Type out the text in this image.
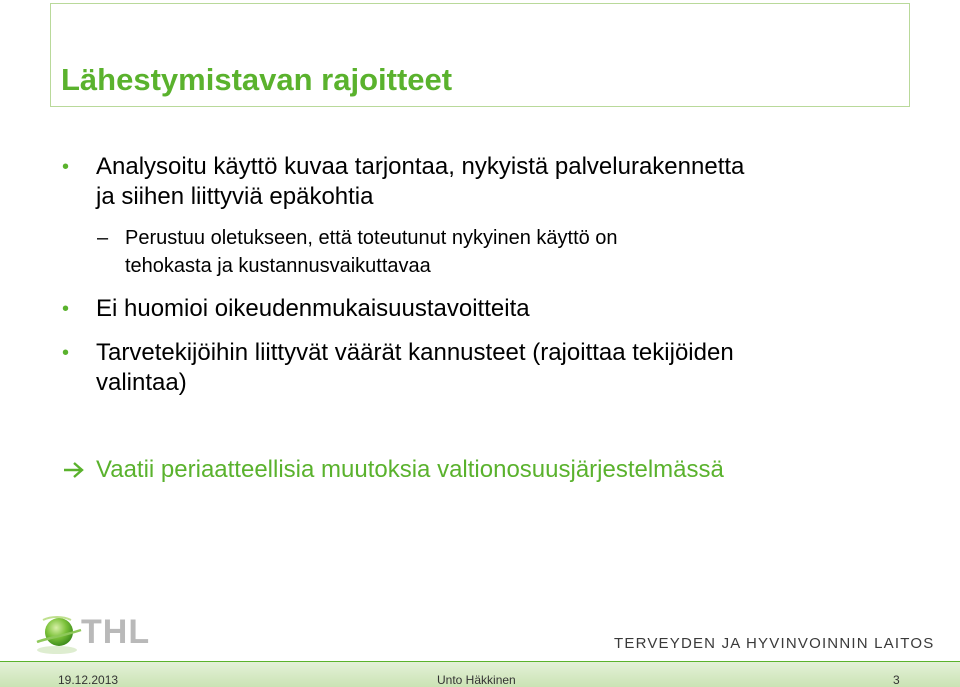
Lähestymistavan rajoitteet
• Analysoitu käyttö kuvaa tarjontaa, nykyistä palvelurakennetta
ja siihen liittyviä epäkohtia
– Perustuu oletukseen, että toteutunut nykyinen käyttö on
tehokasta ja kustannusvaikuttavaa
• Ei huomioi oikeudenmukaisuustavoitteita
• Tarvetekijöihin liittyvät väärät kannusteet (rajoittaa tekijöiden
valintaa)
Vaatii periaatteellisia muutoksia valtionosuusjärjestelmässä
THL	TERVEYDEN JA HYVINVOINNIN LAITOS
19.12.2013	Unto Häkkinen	3
